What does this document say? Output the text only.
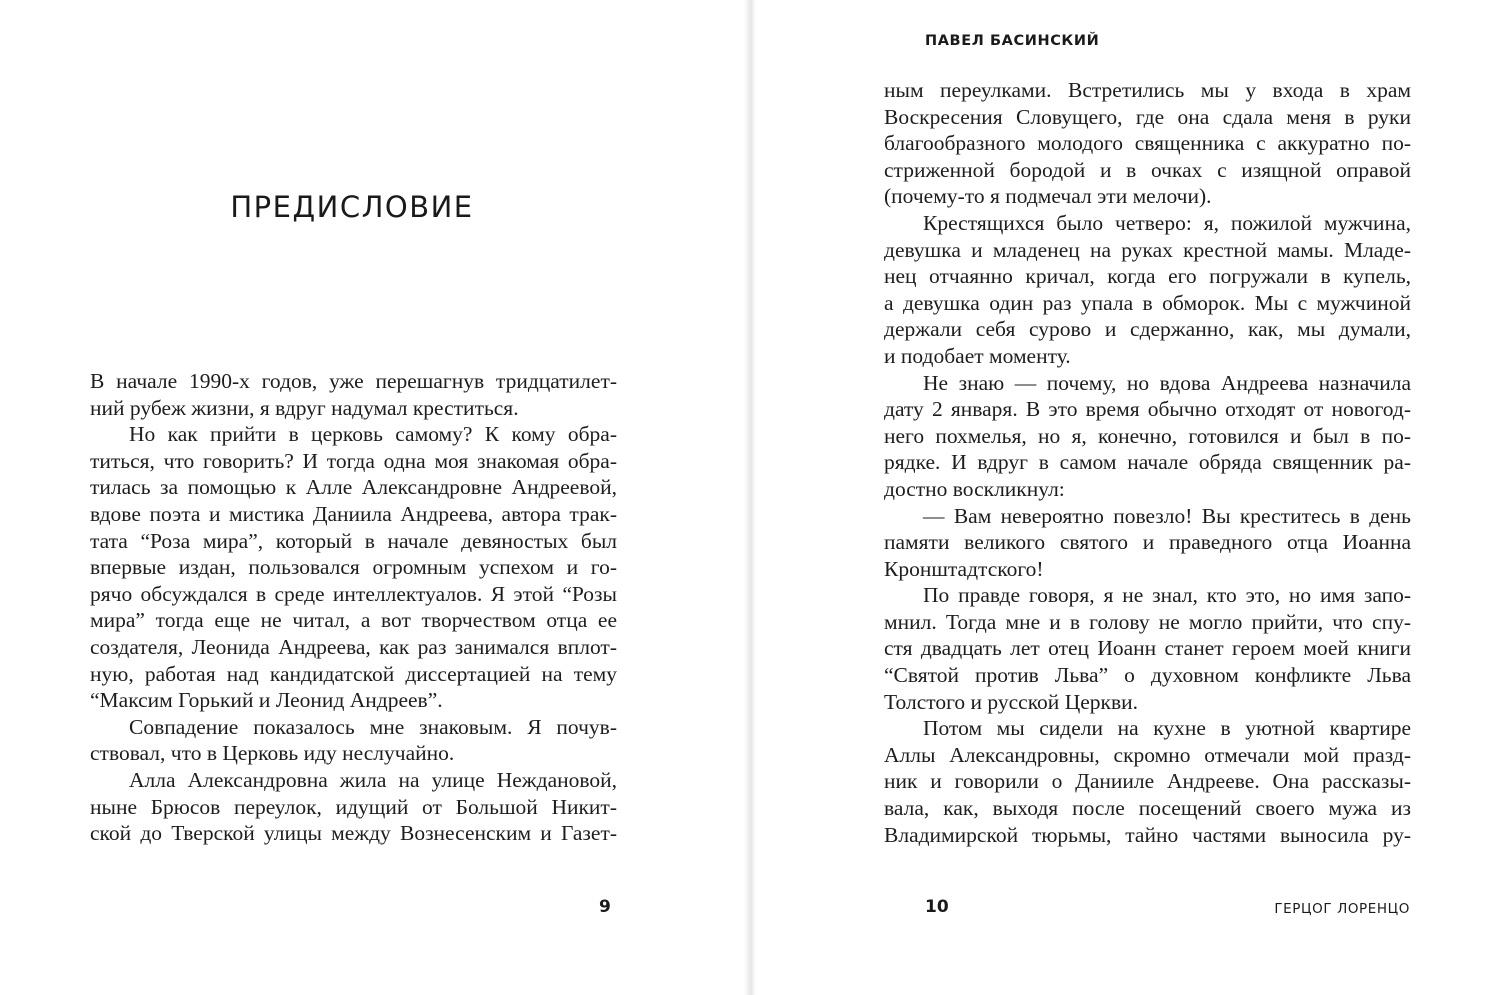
ПРЕДИСЛОВИЕ
В начале 1990-х годов, уже перешагнув тридцатилет-
ний рубеж жизни, я вдруг надумал креститься.
Но как прийти в церковь самому? К кому обра-
титься, что говорить? И тогда одна моя знакомая обра-
тилась за помощью к Алле Александровне Андреевой,
вдове поэта и мистика Даниила Андреева, автора трак-
тата “Роза мира”, который в начале девяностых был
впервые издан, пользовался огромным успехом и го-
рячо обсуждался в среде интеллектуалов. Я этой “Розы
мира” тогда еще не читал, а вот творчеством отца ее
создателя, Леонида Андреева, как раз занимался вплот-
ную, работая над кандидатской диссертацией на тему
“Максим Горький и Леонид Андреев”.
Совпадение показалось мне знаковым. Я почув-
ствовал, что в Церковь иду неслучайно.
Алла Александровна жила на улице Неждановой,
ныне Брюсов переулок, идущий от Большой Никит-
ской до Тверской улицы между Вознесенским и Газет-
9
ПАВЕЛ БАСИНСКИЙ
ным переулками. Встретились мы у входа в храм
Воскресения Словущего, где она сдала меня в руки
благообразного молодого священника с аккуратно по-
стриженной бородой и в очках с изящной оправой
(почему-то я подмечал эти мелочи).
Крестящихся было четверо: я, пожилой мужчина,
девушка и младенец на руках крестной мамы. Младе-
нец отчаянно кричал, когда его погружали в купель,
а девушка один раз упала в обморок. Мы с мужчиной
держали себя сурово и сдержанно, как, мы думали,
и подобает моменту.
Не знаю — почему, но вдова Андреева назначила
дату 2 января. В это время обычно отходят от новогод-
него похмелья, но я, конечно, готовился и был в по-
рядке. И вдруг в самом начале обряда священник ра-
достно воскликнул:
— Вам невероятно повезло! Вы креститесь в день
памяти великого святого и праведного отца Иоанна
Кронштадтского!
По правде говоря, я не знал, кто это, но имя запо-
мнил. Тогда мне и в голову не могло прийти, что спу-
стя двадцать лет отец Иоанн станет героем моей книги
“Святой против Льва” о духовном конфликте Льва
Толстого и русской Церкви.
Потом мы сидели на кухне в уютной квартире
Аллы Александровны, скромно отмечали мой празд-
ник и говорили о Данииле Андрееве. Она рассказы-
вала, как, выходя после посещений своего мужа из
Владимирской тюрьмы, тайно частями выносила ру-
10	ГЕРЦОГ ЛОРЕНЦО
